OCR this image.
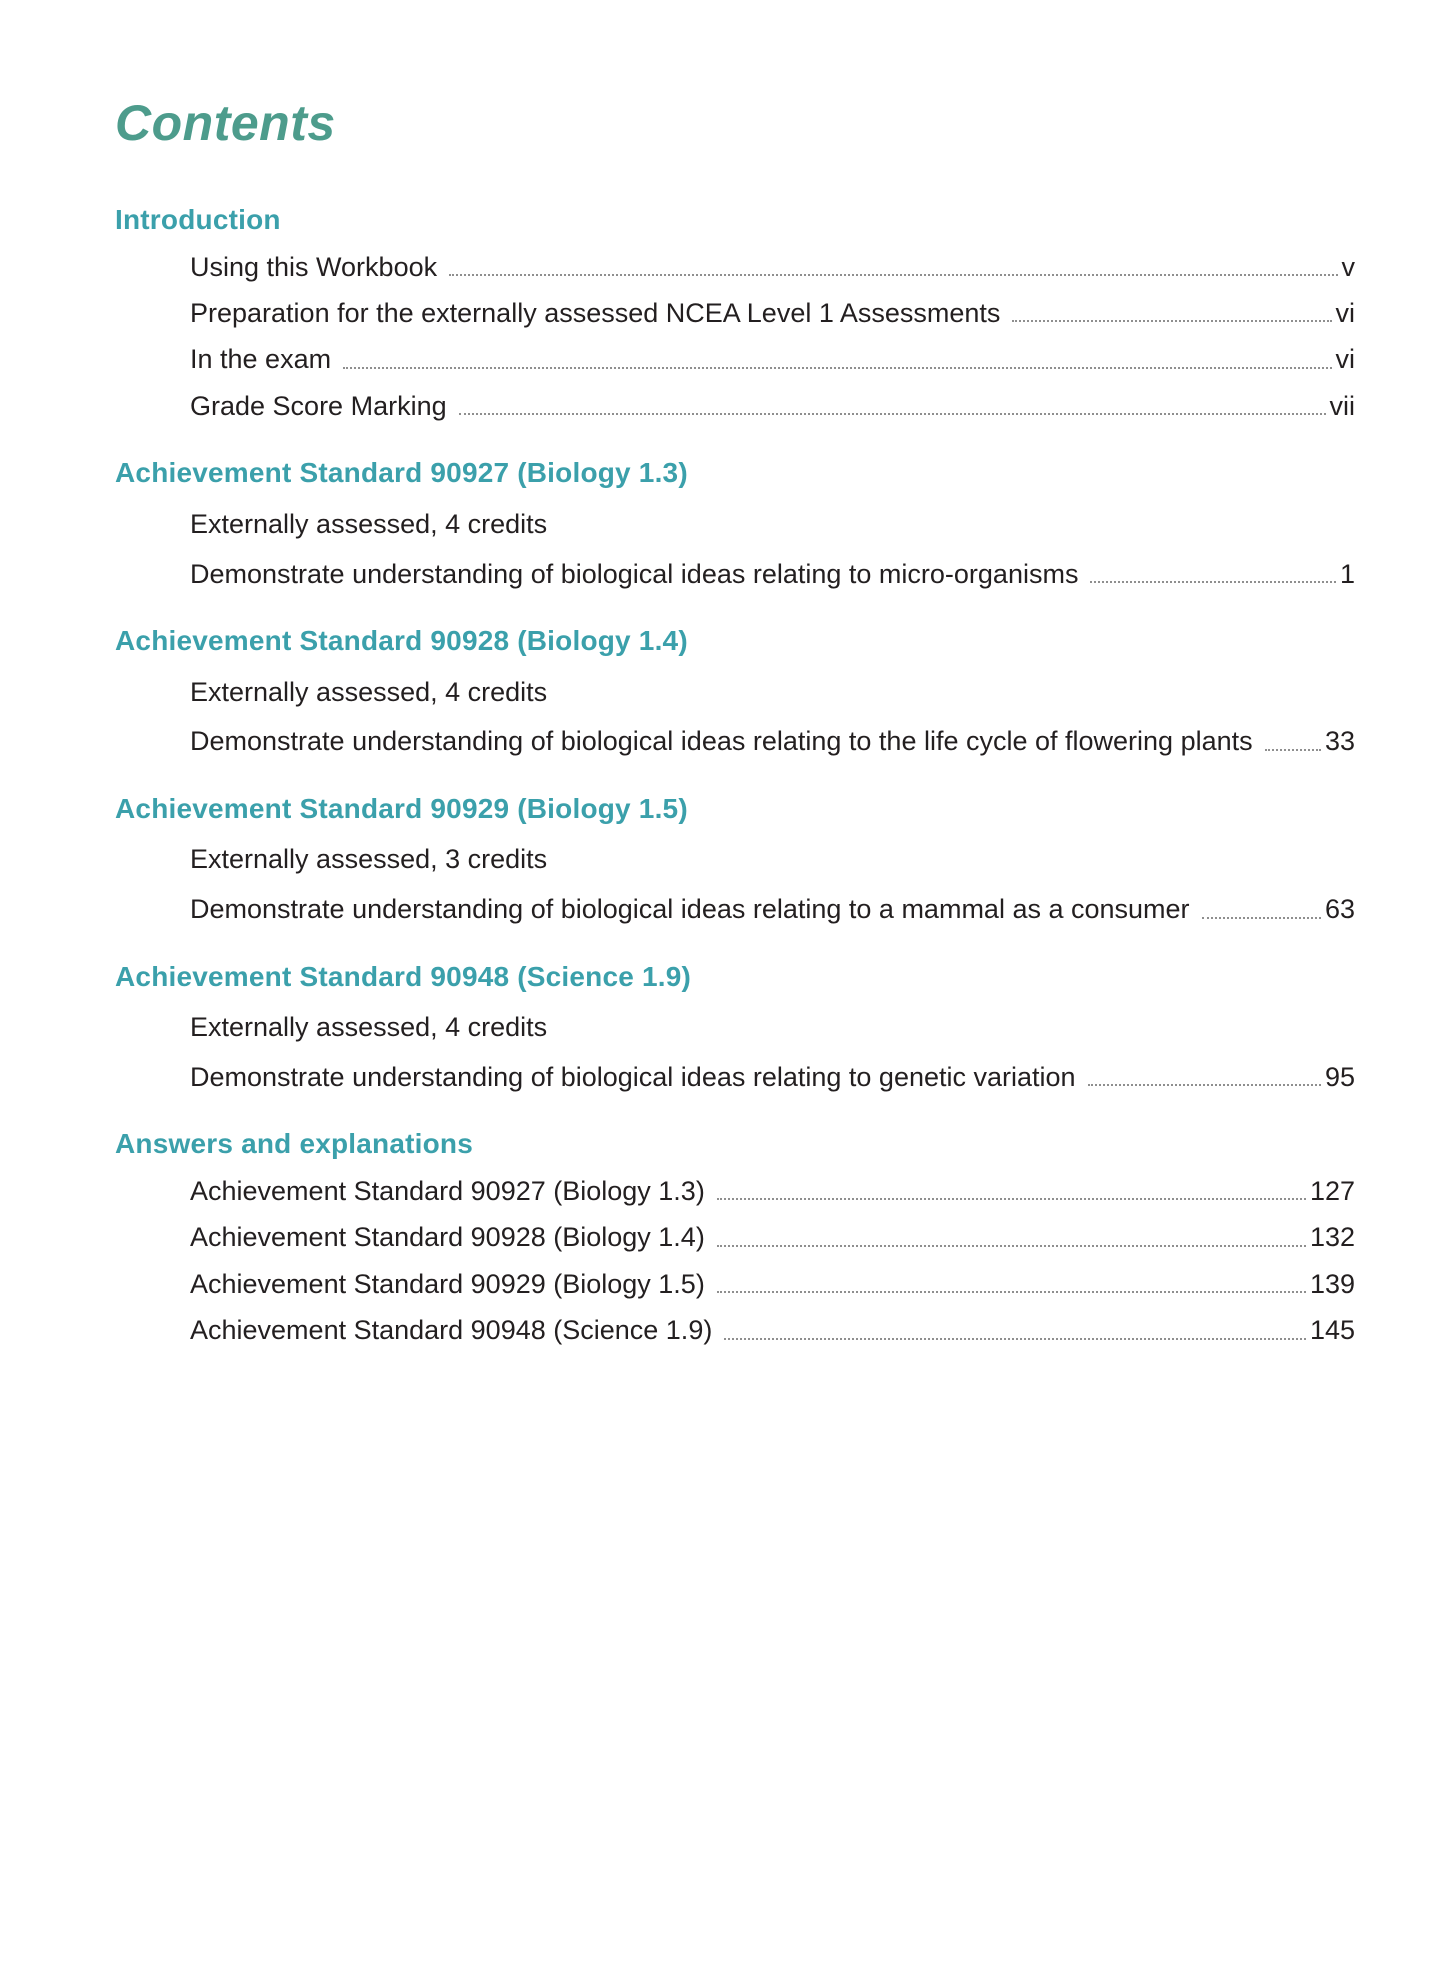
Contents
Introduction
Using this Workbook	v
Preparation for the externally assessed NCEA Level 1 Assessments	vi
In the exam	vi
Grade Score Marking	vii
Achievement Standard 90927 (Biology 1.3)

Externally assessed, 4 credits

Demonstrate understanding of biological ideas relating to micro-organisms	1
Achievement Standard 90928 (Biology 1.4)

Externally assessed, 4 credits

Demonstrate understanding of biological ideas relating to the life cycle of flowering plants	33
Achievement Standard 90929 (Biology 1.5)

Externally assessed, 3 credits

Demonstrate understanding of biological ideas relating to a mammal as a consumer	63
Achievement Standard 90948 (Science 1.9)

Externally assessed, 4 credits

Demonstrate understanding of biological ideas relating to genetic variation	95
Answers and explanations
Achievement Standard 90927 (Biology 1.3)	127
Achievement Standard 90928 (Biology 1.4)	132
Achievement Standard 90929 (Biology 1.5)	139
Achievement Standard 90948 (Science 1.9)	145
